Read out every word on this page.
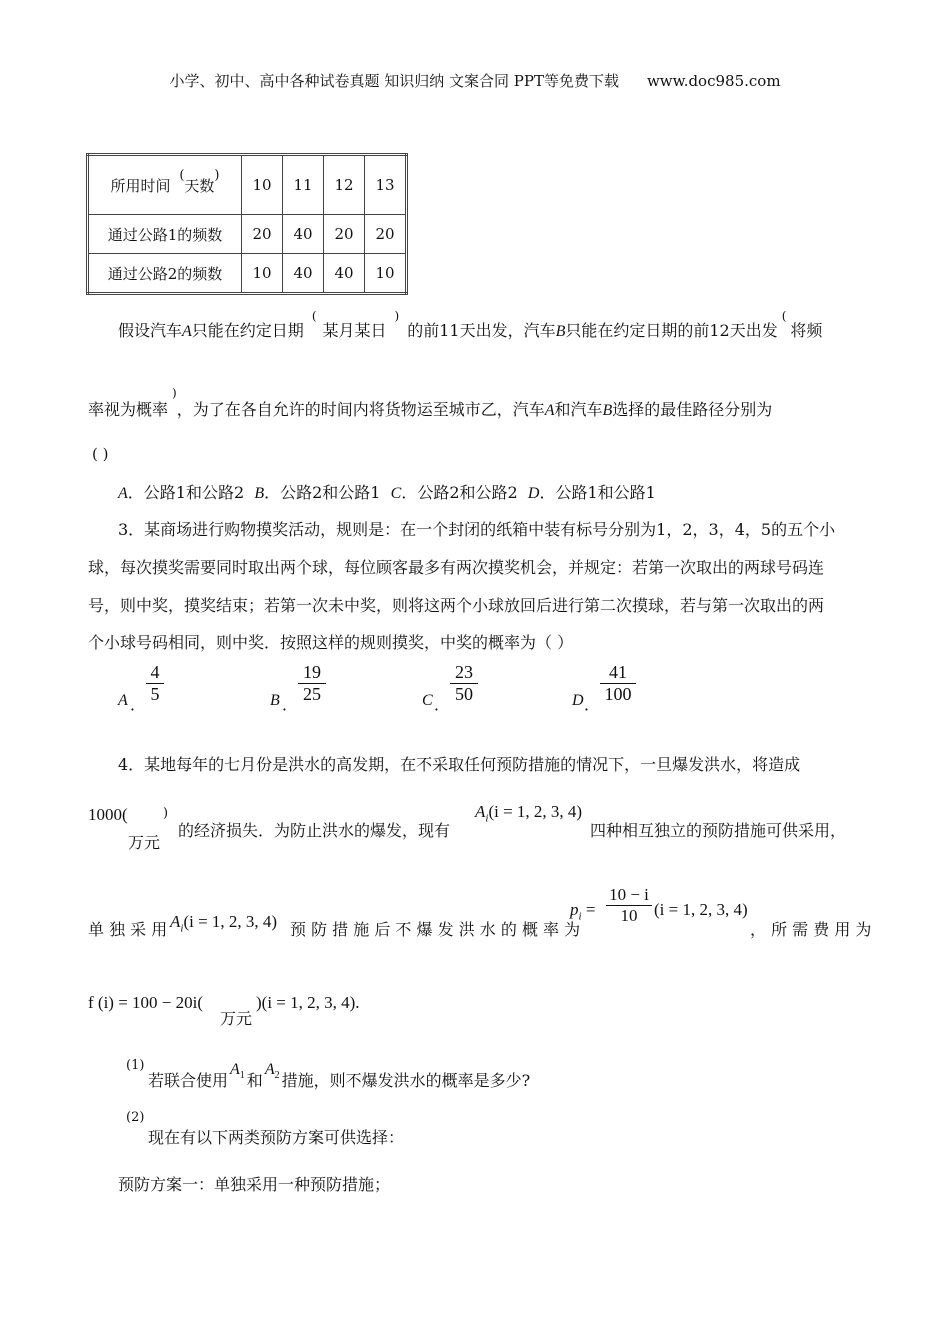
小学、初中、高中各种试卷真题 知识归纳 文案合同 PPT等免费下载 www.doc985.com
所用时间 (天数)	10	11	12	13
通过公路1的频数	20	40	20	20
通过公路2的频数	10	40	40	10
假设汽车A只能在约定日期(某月某日)的前11天出发，汽车B只能在约定日期的前12天出发(将频
率视为概率)，为了在各自允许的时间内将货物运至城市乙，汽车A和汽车B选择的最佳路径分别为
( )
A．公路1和公路2 B．公路2和公路1 C．公路2和公路2 D．公路1和公路1
3．某商场进行购物摸奖活动，规则是：在一个封闭的纸箱中装有标号分别为1，2，3，4，5的五个小
球，每次摸奖需要同时取出两个球，每位顾客最多有两次摸奖机会，并规定：若第一次取出的两球号码连
号，则中奖，摸奖结束；若第一次未中奖，则将这两个小球放回后进行第二次摸球，若与第一次取出的两
个小球号码相同，则中奖．按照这样的规则摸奖，中奖的概率为（ ）
A ． $\frac{4}{5}$	B ． $\frac{19}{25}$	C ． $\frac{23}{50}$	D ． $\frac{41}{100}$
4．某地每年的七月份是洪水的高发期，在不采取任何预防措施的情况下，一旦爆发洪水，将造成
1000(
万元
)
的经济损失．为防止洪水的爆发，现有
$A_i(i = 1$, 2, 3, 4)
四种相互独立的预防措施可供采用，
单 独 采 用 $A_i(i = 1$, 2, 3, 4) 预 防 措 施 后 不 爆 发 洪 水 的 概 率 为
$p_i = \frac{10 - i}{10} (i = 1$, 2, 3, 4)
， 所 需 费 用 为
f (i) = 100 − 20i(
万元
)(i = 1, 2, 3, 4).
(1)
若联合使用$A_1$ 和$A_2$ 措施，则不爆发洪水的概率是多少?
(2)
现在有以下两类预防方案可供选择：
预防方案一：单独采用一种预防措施；
